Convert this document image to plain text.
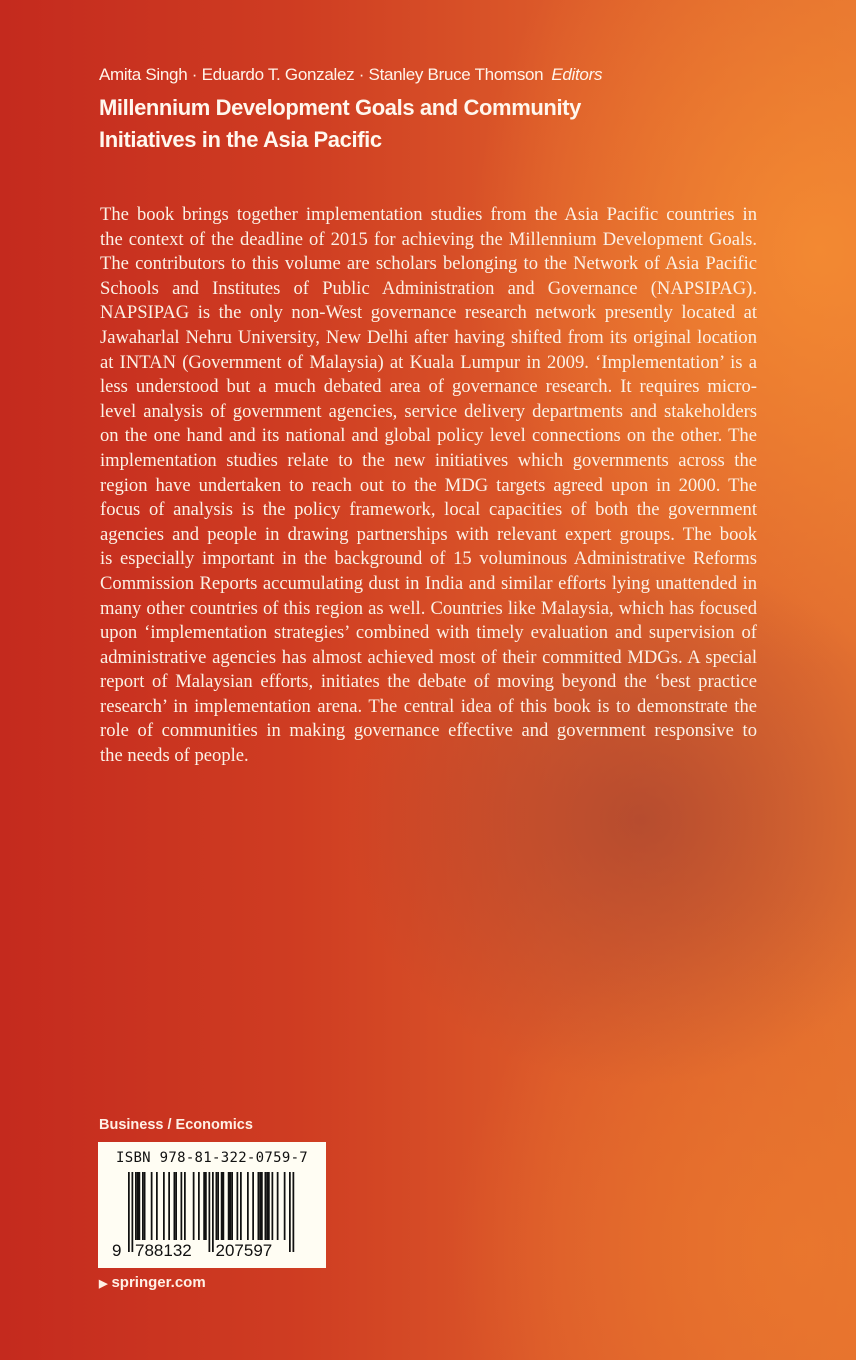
Amita Singh · Eduardo T. Gonzalez · Stanley Bruce Thomson Editors
Millennium Development Goals and Community
Initiatives in the Asia Pacific
The book brings together implementation studies from the Asia Pacific countries in
the context of the deadline of 2015 for achieving the Millennium Development Goals.
The contributors to this volume are scholars belonging to the Network of Asia Pacific
Schools and Institutes of Public Administration and Governance (NAPSIPAG).
NAPSIPAG is the only non-West governance research network presently located at
Jawaharlal Nehru University, New Delhi after having shifted from its original location
at INTAN (Government of Malaysia) at Kuala Lumpur in 2009. ‘Implementation’ is a
less understood but a much debated area of governance research. It requires micro-
level analysis of government agencies, service delivery departments and stakeholders
on the one hand and its national and global policy level connections on the other. The
implementation studies relate to the new initiatives which governments across the
region have undertaken to reach out to the MDG targets agreed upon in 2000. The
focus of analysis is the policy framework, local capacities of both the government
agencies and people in drawing partnerships with relevant expert groups. The book
is especially important in the background of 15 voluminous Administrative Reforms
Commission Reports accumulating dust in India and similar efforts lying unattended in
many other countries of this region as well. Countries like Malaysia, which has focused
upon ‘implementation strategies’ combined with timely evaluation and supervision of
administrative agencies has almost achieved most of their committed MDGs. A special
report of Malaysian efforts, initiates the debate of moving beyond the ‘best practice
research’ in implementation arena. The central idea of this book is to demonstrate the
role of communities in making governance effective and government responsive to
the needs of people.
Business / Economics
ISBN 978-81-322-0759-7
9 788132 207597
▶ springer.com
